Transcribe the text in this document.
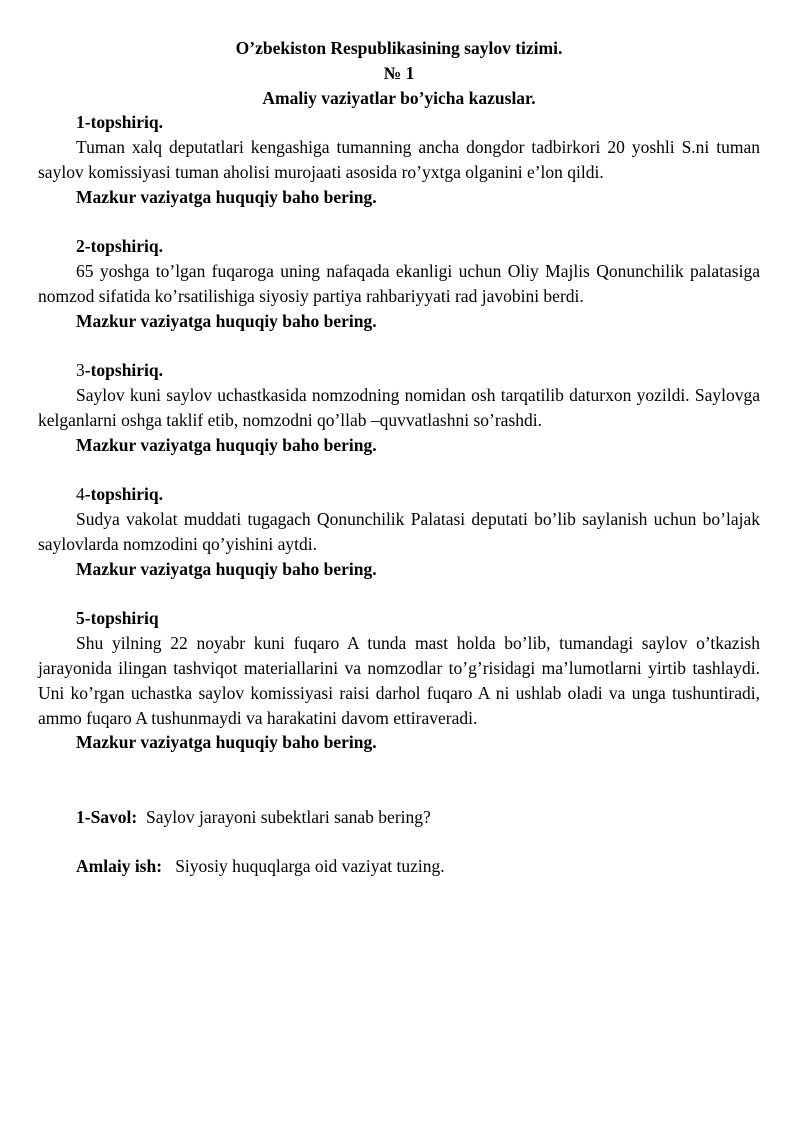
O’zbekiston Respublikasining saylov tizimi.
№ 1
Amaliy vaziyatlar bo’yicha kazuslar.
1-topshiriq.
Tuman xalq deputatlari kengashiga tumanning ancha dongdor tadbirkori 20 yoshli S.ni tuman saylov komissiyasi tuman aholisi murojaati asosida ro’yxtga olganini e’lon qildi.
Mazkur vaziyatga huquqiy baho bering.
2-topshiriq.
65 yoshga to’lgan fuqaroga uning nafaqada ekanligi uchun Oliy Majlis Qonunchilik palatasiga nomzod sifatida ko’rsatilishiga siyosiy partiya rahbariyyati rad javobini berdi.
Mazkur vaziyatga huquqiy baho bering.
3-topshiriq.
Saylov kuni saylov uchastkasida nomzodning nomidan osh tarqatilib daturxon yozildi. Saylovga kelganlarni oshga taklif etib, nomzodni qo’llab –quvvatlashni so’rashdi.
Mazkur vaziyatga huquqiy baho bering.
4-topshiriq.
Sudya vakolat muddati tugagach Qonunchilik Palatasi deputati bo’lib saylanish uchun bo’lajak saylovlarda nomzodini qo’yishini aytdi.
Mazkur vaziyatga huquqiy baho bering.
5-topshiriq
Shu yilning 22 noyabr kuni fuqaro A tunda mast holda bo’lib, tumandagi saylov o’tkazish jarayonida ilingan tashviqot materiallarini va nomzodlar to’g’risidagi ma’lumotlarni yirtib tashlaydi. Uni ko’rgan uchastka saylov komissiyasi raisi darhol fuqaro A ni ushlab oladi va unga tushuntiradi, ammo fuqaro A tushunmaydi va harakatini davom ettiraveradi.
Mazkur vaziyatga huquqiy baho bering.
1-Savol: Saylov jarayoni subektlari sanab bering?
Amlaiy ish: Siyosiy huquqlarga oid vaziyat tuzing.
